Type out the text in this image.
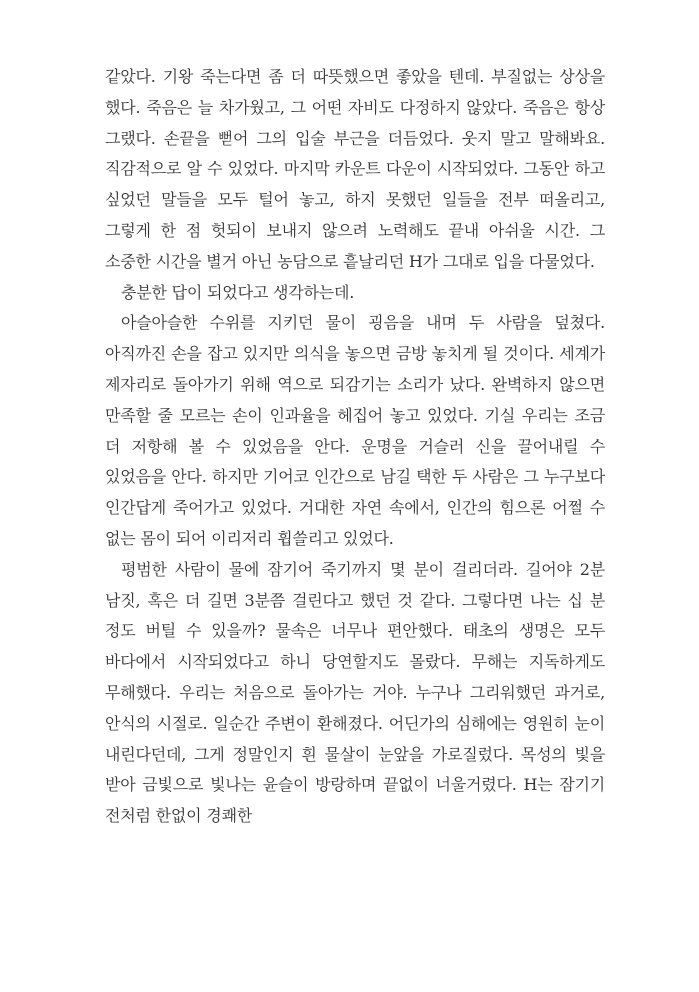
같았다. 기왕 죽는다면 좀 더 따뜻했으면 좋았을 텐데. 부질없는 상상을 했다. 죽음은 늘 차가웠고, 그 어떤 자비도 다정하지 않았다. 죽음은 항상 그랬다. 손끝을 뻗어 그의 입술 부근을 더듬었다. 웃지 말고 말해봐요. 직감적으로 알 수 있었다. 마지막 카운트 다운이 시작되었다. 그동안 하고 싶었던 말들을 모두 털어 놓고, 하지 못했던 일들을 전부 떠올리고, 그렇게 한 점 헛되이 보내지 않으려 노력해도 끝내 아쉬울 시간. 그 소중한 시간을 별거 아닌 농담으로 흩날리던 H가 그대로 입을 다물었다.

충분한 답이 되었다고 생각하는데.

아슬아슬한 수위를 지키던 물이 굉음을 내며 두 사람을 덮쳤다. 아직까진 손을 잡고 있지만 의식을 놓으면 금방 놓치게 될 것이다. 세계가 제자리로 돌아가기 위해 역으로 되감기는 소리가 났다. 완벽하지 않으면 만족할 줄 모르는 손이 인과율을 헤집어 놓고 있었다. 기실 우리는 조금 더 저항해 볼 수 있었음을 안다. 운명을 거슬러 신을 끌어내릴 수 있었음을 안다. 하지만 기어코 인간으로 남길 택한 두 사람은 그 누구보다 인간답게 죽어가고 있었다. 거대한 자연 속에서, 인간의 힘으론 어쩔 수 없는 몸이 되어 이리저리 휩쓸리고 있었다.

평범한 사람이 물에 잠기어 죽기까지 몇 분이 걸리더라. 길어야 2분 남짓, 혹은 더 길면 3분쯤 걸린다고 했던 것 같다. 그렇다면 나는 십 분 정도 버틸 수 있을까? 물속은 너무나 편안했다. 태초의 생명은 모두 바다에서 시작되었다고 하니 당연할지도 몰랐다. 무해는 지독하게도 무해했다. 우리는 처음으로 돌아가는 거야. 누구나 그리워했던 과거로, 안식의 시절로. 일순간 주변이 환해졌다. 어딘가의 심해에는 영원히 눈이 내린다던데, 그게 정말인지 흰 물살이 눈앞을 가로질렀다. 목성의 빛을 받아 금빛으로 빛나는 윤슬이 방랑하며 끝없이 너울거렸다. H는 잠기기 전처럼 한없이 경쾌한
